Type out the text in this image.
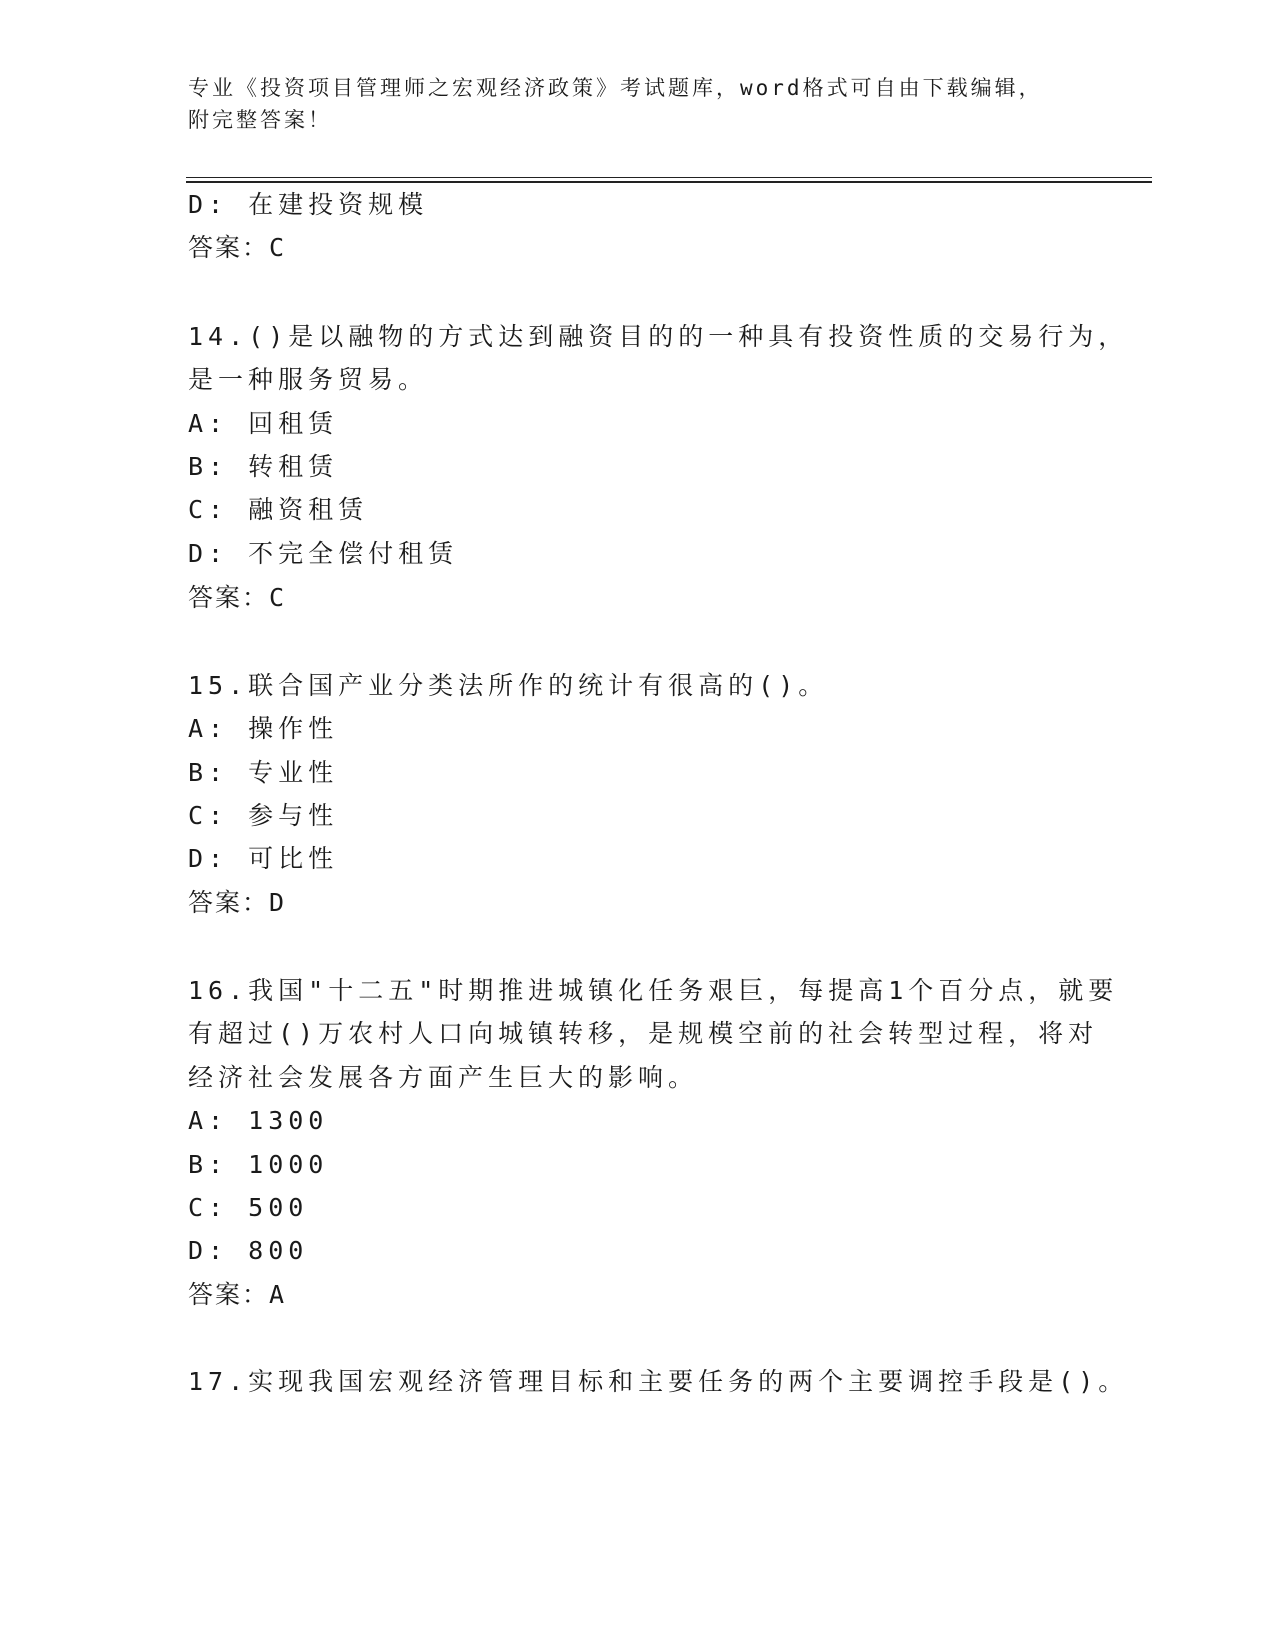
专业《投资项目管理师之宏观经济政策》考试题库，word格式可自由下载编辑，
附完整答案！
D: 在建投资规模
答案：C
14.()是以融物的方式达到融资目的的一种具有投资性质的交易行为，
是一种服务贸易。
A: 回租赁
B: 转租赁
C: 融资租赁
D: 不完全偿付租赁
答案：C
15.联合国产业分类法所作的统计有很高的()。
A: 操作性
B: 专业性
C: 参与性
D: 可比性
答案：D
16.我国"十二五"时期推进城镇化任务艰巨，每提高1个百分点，就要
有超过()万农村人口向城镇转移，是规模空前的社会转型过程，将对
经济社会发展各方面产生巨大的影响。
A: 1300
B: 1000
C: 500
D: 800
答案：A
17.实现我国宏观经济管理目标和主要任务的两个主要调控手段是()。
